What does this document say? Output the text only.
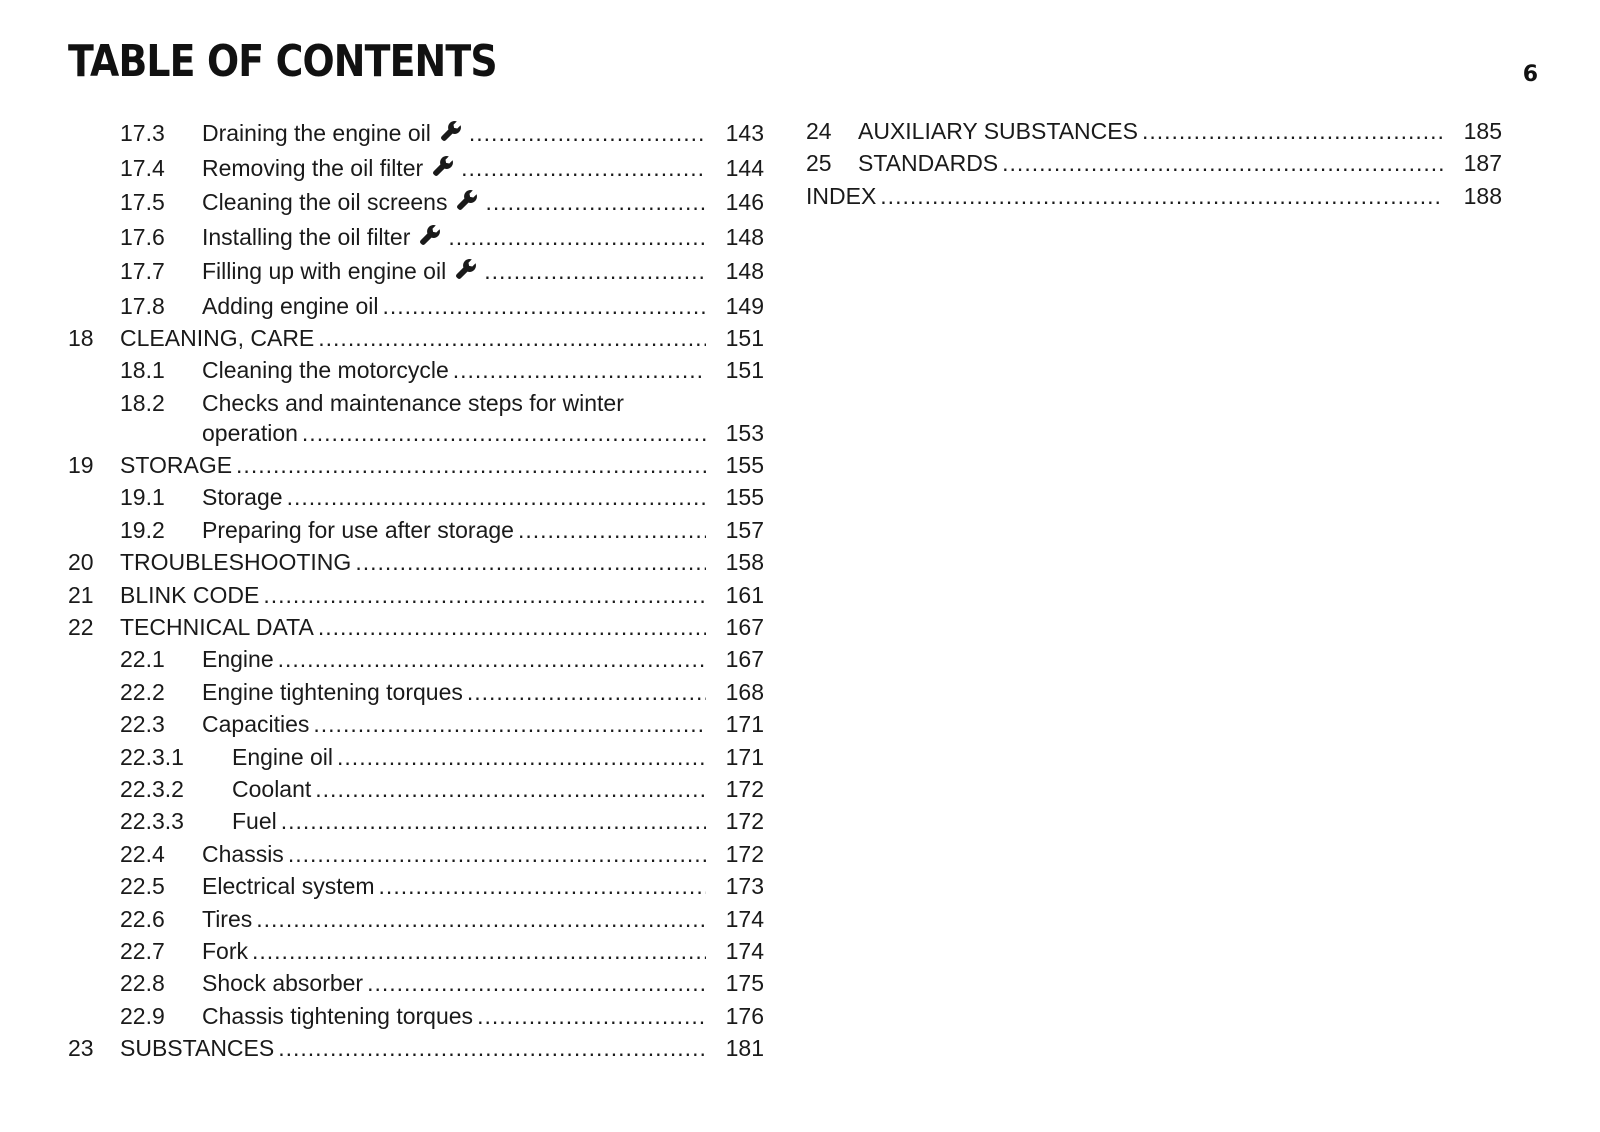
TABLE OF CONTENTS	6
17.3	Draining the engine oil .....	143
17.4	Removing the oil filter .....	144
17.5	Cleaning the oil screens .....	146
17.6	Installing the oil filter .....	148
17.7	Filling up with engine oil .....	148
17.8	Adding engine oil .....	149
18	CLEANING, CARE .....	151
18.1	Cleaning the motorcycle .....	151
18.2	Checks and maintenance steps for winter
operation .....	153
19	STORAGE .....	155
19.1	Storage .....	155
19.2	Preparing for use after storage .....	157
20	TROUBLESHOOTING .....	158
21	BLINK CODE .....	161
22	TECHNICAL DATA .....	167
22.1	Engine .....	167
22.2	Engine tightening torques .....	168
22.3	Capacities .....	171
22.3.1	Engine oil .....	171
22.3.2	Coolant .....	172
22.3.3	Fuel .....	172
22.4	Chassis .....	172
22.5	Electrical system .....	173
22.6	Tires .....	174
22.7	Fork .....	174
22.8	Shock absorber .....	175
22.9	Chassis tightening torques .....	176
23	SUBSTANCES .....	181
24	AUXILIARY SUBSTANCES .....	185
25	STANDARDS .....	187
INDEX .....	188
